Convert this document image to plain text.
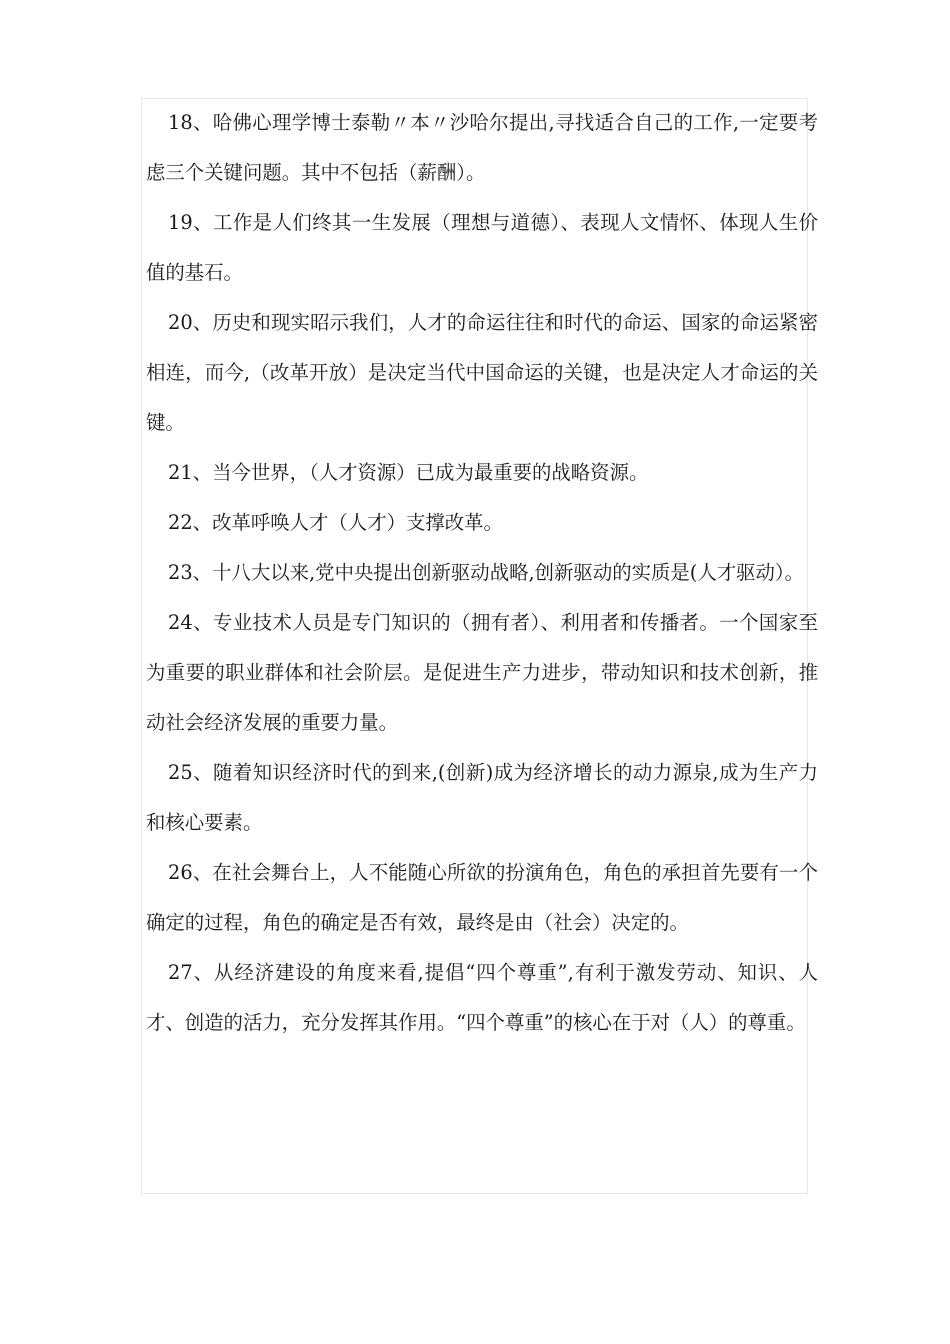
18、哈佛心理学博士泰勒〃本〃沙哈尔提出,寻找适合自己的工作,一定要考虑三个关键问题。其中不包括（薪酬）。

19、工作是人们终其一生发展（理想与道德）、表现人文情怀、体现人生价值的基石。

20、历史和现实昭示我们，人才的命运往往和时代的命运、国家的命运紧密相连，而今,（改革开放）是决定当代中国命运的关键，也是决定人才命运的关键。

21、当今世界，（人才资源）已成为最重要的战略资源。

22、改革呼唤人才（人才）支撑改革。

23、十八大以来,党中央提出创新驱动战略,创新驱动的实质是(人才驱动）。

24、专业技术人员是专门知识的（拥有者）、利用者和传播者。一个国家至为重要的职业群体和社会阶层。是促进生产力进步，带动知识和技术创新，推动社会经济发展的重要力量。

25、随着知识经济时代的到来,(创新)成为经济增长的动力源泉,成为生产力和核心要素。

26、在社会舞台上，人不能随心所欲的扮演角色，角色的承担首先要有一个确定的过程，角色的确定是否有效，最终是由（社会）决定的。

27、从经济建设的角度来看,提倡“四个尊重”,有利于激发劳动、知识、人才、创造的活力，充分发挥其作用。“四个尊重”的核心在于对（人）的尊重。
